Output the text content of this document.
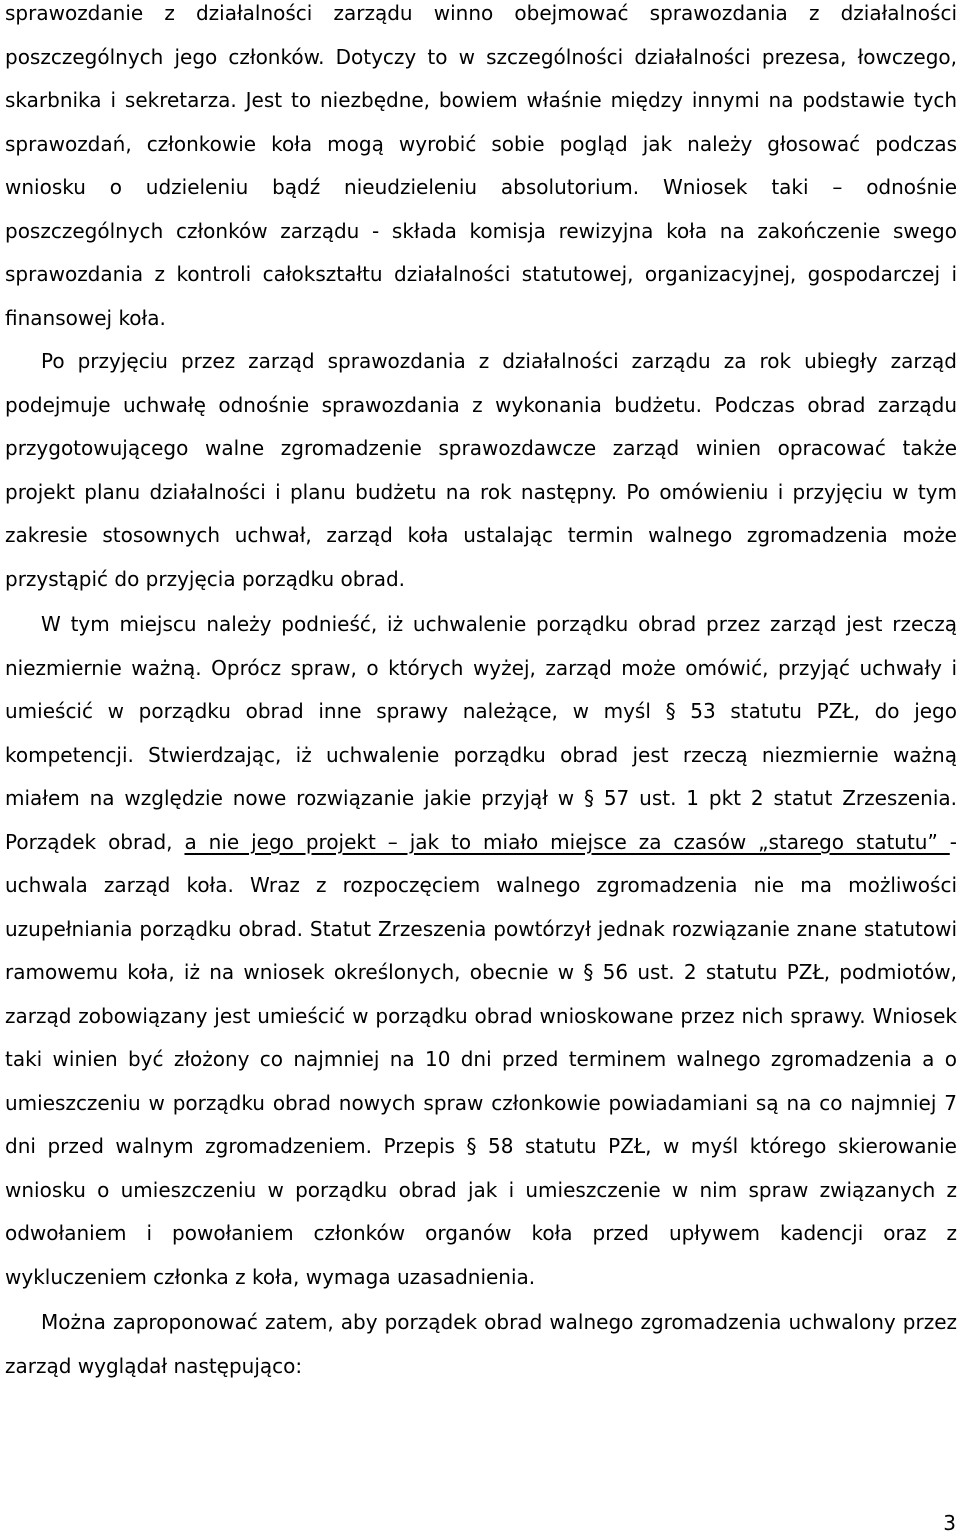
sprawozdanie z działalności zarządu winno obejmować sprawozdania z działalności poszczególnych jego członków. Dotyczy to w szczególności działalności prezesa, łowczego, skarbnika i sekretarza. Jest to niezbędne, bowiem właśnie między innymi na podstawie tych sprawozdań, członkowie koła mogą wyrobić sobie pogląd jak należy głosować podczas wniosku o udzieleniu bądź nieudzieleniu absolutorium. Wniosek taki – odnośnie poszczególnych członków zarządu - składa komisja rewizyjna koła na zakończenie swego sprawozdania z kontroli całokształtu działalności statutowej, organizacyjnej, gospodarczej i finansowej koła.

Po przyjęciu przez zarząd sprawozdania z działalności zarządu za rok ubiegły zarząd podejmuje uchwałę odnośnie sprawozdania z wykonania budżetu. Podczas obrad zarządu przygotowującego walne zgromadzenie sprawozdawcze zarząd winien opracować także projekt planu działalności i planu budżetu na rok następny. Po omówieniu i przyjęciu w tym zakresie stosownych uchwał, zarząd koła ustalając termin walnego zgromadzenia może przystąpić do przyjęcia porządku obrad.

W tym miejscu należy podnieść, iż uchwalenie porządku obrad przez zarząd jest rzeczą niezmiernie ważną. Oprócz spraw, o których wyżej, zarząd może omówić, przyjąć uchwały i umieścić w porządku obrad inne sprawy należące, w myśl § 53 statutu PZŁ, do jego kompetencji. Stwierdzając, iż uchwalenie porządku obrad jest rzeczą niezmiernie ważną miałem na względzie nowe rozwiązanie jakie przyjął w § 57 ust. 1 pkt 2 statut Zrzeszenia. Porządek obrad, a nie jego projekt – jak to miało miejsce za czasów „starego statutu” - uchwala zarząd koła. Wraz z rozpoczęciem walnego zgromadzenia nie ma możliwości uzupełniania porządku obrad. Statut Zrzeszenia powtórzył jednak rozwiązanie znane statutowi ramowemu koła, iż na wniosek określonych, obecnie w § 56 ust. 2 statutu PZŁ, podmiotów, zarząd zobowiązany jest umieścić w porządku obrad wnioskowane przez nich sprawy. Wniosek taki winien być złożony co najmniej na 10 dni przed terminem walnego zgromadzenia a o umieszczeniu w porządku obrad nowych spraw członkowie powiadamiani są na co najmniej 7 dni przed walnym zgromadzeniem. Przepis § 58 statutu PZŁ, w myśl którego skierowanie wniosku o umieszczeniu w porządku obrad jak i umieszczenie w nim spraw związanych z odwołaniem i powołaniem członków organów koła przed upływem kadencji oraz z wykluczeniem członka z koła, wymaga uzasadnienia.

Można zaproponować zatem, aby porządek obrad walnego zgromadzenia uchwalony przez zarząd wyglądał następująco:

3
